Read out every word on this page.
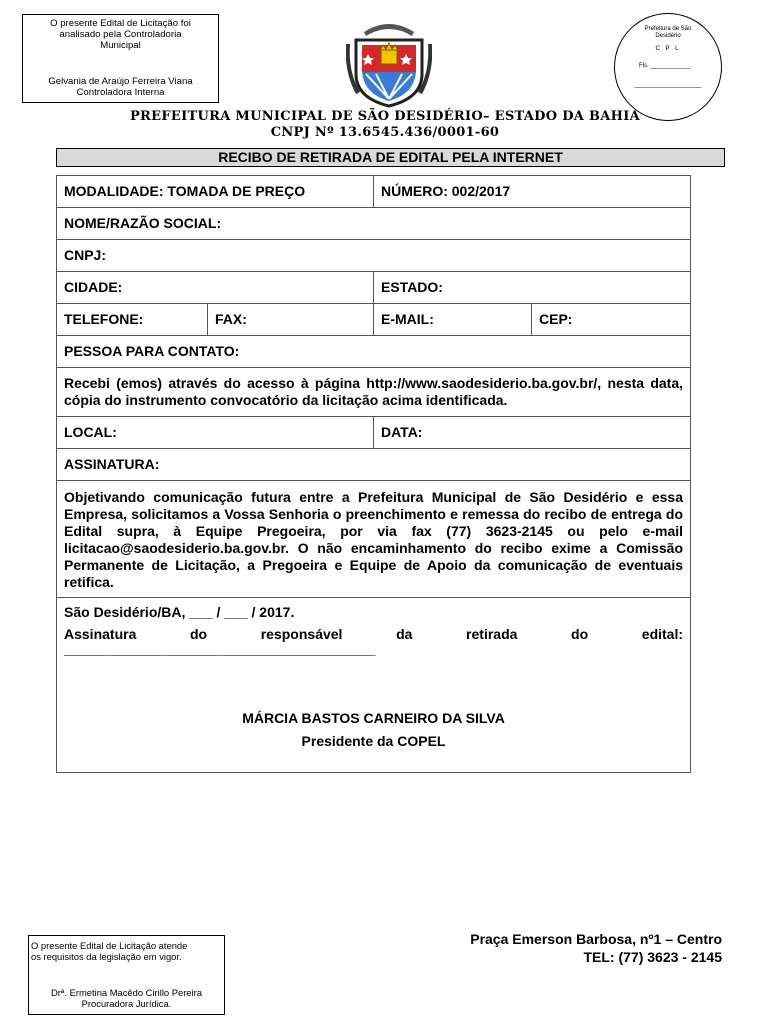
O presente Edital de Licitação foi
analisado pela Controladoria
Municipal
Gelvania de Araújo Ferreira Viana
Controladora Interna
Prefeitura de São
Desidério
C P L
Fls. ____________
____________________
PREFEITURA MUNICIPAL DE SÃO DESIDÉRIO– ESTADO DA BAHIA
CNPJ Nº 13.6545.436/0001-60
RECIBO DE RETIRADA DE EDITAL PELA INTERNET
MODALIDADE: TOMADA DE PREÇO		NÚMERO: 002/2017	
NOME/RAZÃO SOCIAL:			
CNPJ:			
CIDADE:		ESTADO:	
TELEFONE:	FAX:	E-MAIL:	CEP:
PESSOA PARA CONTATO:			
Recebi (emos) através do acesso à página http://www.saodesiderio.ba.gov.br/, nesta data, cópia do instrumento convocatório da licitação acima identificada.			
LOCAL:		DATA:	
ASSINATURA:			
Objetivando comunicação futura entre a Prefeitura Municipal de São Desidério e essa Empresa, solicitamos a Vossa Senhoria o preenchimento e remessa do recibo de entrega do Edital supra, à Equipe Pregoeira, por via fax (77) 3623-2145 ou pelo e-mail licitacao@saodesiderio.ba.gov.br. O não encaminhamento do recibo exime a Comissão Permanente de Licitação, a Pregoeira e Equipe de Apoio da comunicação de eventuais retifica.			

São Desidério/BA, ___ / ___ / 2017.
Assinatura do responsável da retirada do edital:
________________________________________
MÁRCIA BASTOS CARNEIRO DA SILVA
Presidente da COPEL			
O presente Edital de Licitação atende
os requisitos da legislação em vigor.
Drª. Ermetina Macêdo Cirillo Pereira
Procuradora Jurídica.
Praça Emerson Barbosa, nº1 – Centro
TEL: (77) 3623 - 2145
